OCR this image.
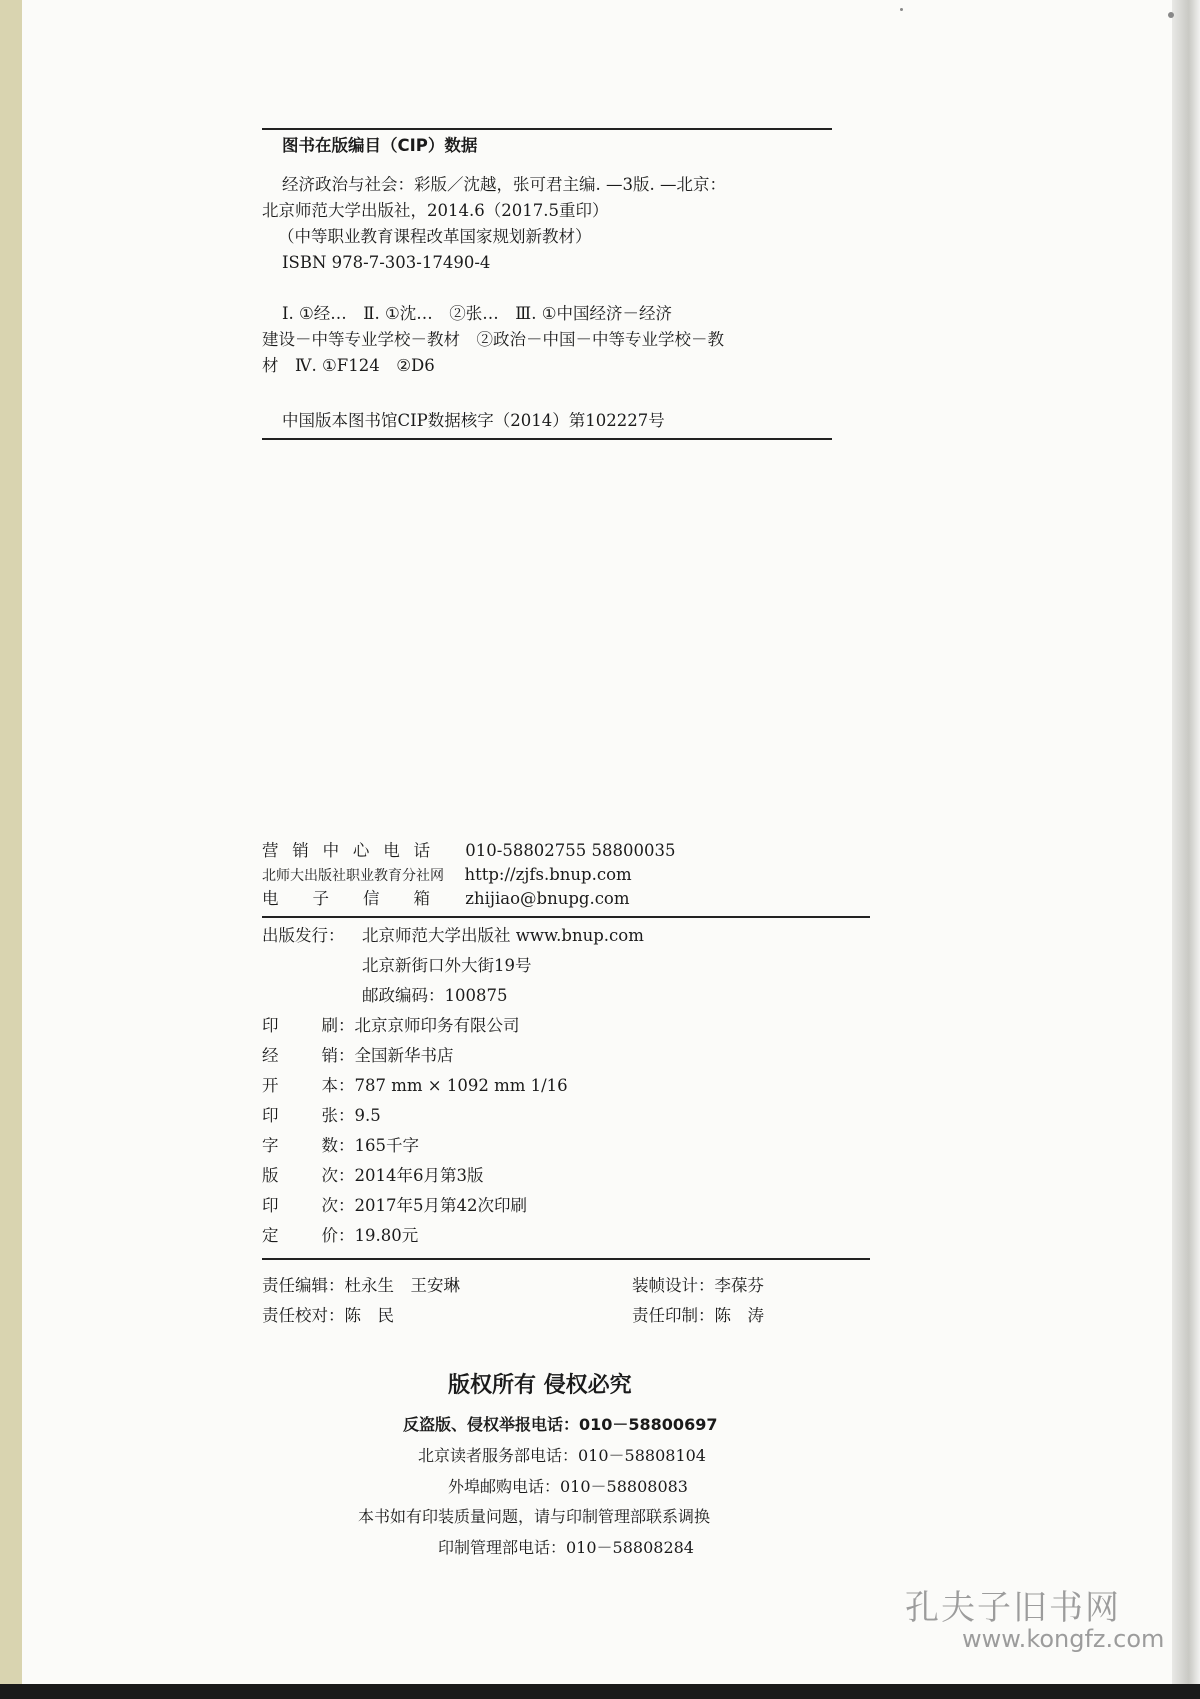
图书在版编目（CIP）数据
经济政治与社会：彩版／沈越，张可君主编. —3版. —北京：
北京师范大学出版社，2014.6（2017.5重印）
（中等职业教育课程改革国家规划新教材）
ISBN 978-7-303-17490-4
Ⅰ. ①经…　Ⅱ. ①沈…　②张…　Ⅲ. ①中国经济－经济
建设－中等专业学校－教材　②政治－中国－中等专业学校－教
材　Ⅳ. ①F124　②D6
中国版本图书馆CIP数据核字（2014）第102227号
营销中心电话 010-58802755 58800035
北师大出版社职业教育分社网 http://zjfs.bnup.com
电子信箱 zhijiao@bnupg.com
出版发行： 北京师范大学出版社 www.bnup.com
北京新街口外大街19号
邮政编码：100875
印　刷：北京京师印务有限公司
经　销：全国新华书店
开　本：787 mm × 1092 mm 1/16
印　张：9.5
字　数：165千字
版　次：2014年6月第3版
印　次：2017年5月第42次印刷
定　价：19.80元
责任编辑：杜永生　王安琳	装帧设计：李葆芬
责任校对：陈　民	责任印制：陈　涛
版权所有 侵权必究
反盗版、侵权举报电话：010－58800697
北京读者服务部电话：010－58808104
外埠邮购电话：010－58808083
本书如有印装质量问题，请与印制管理部联系调换
印制管理部电话：010－58808284
孔夫子旧书网
www.kongfz.com
